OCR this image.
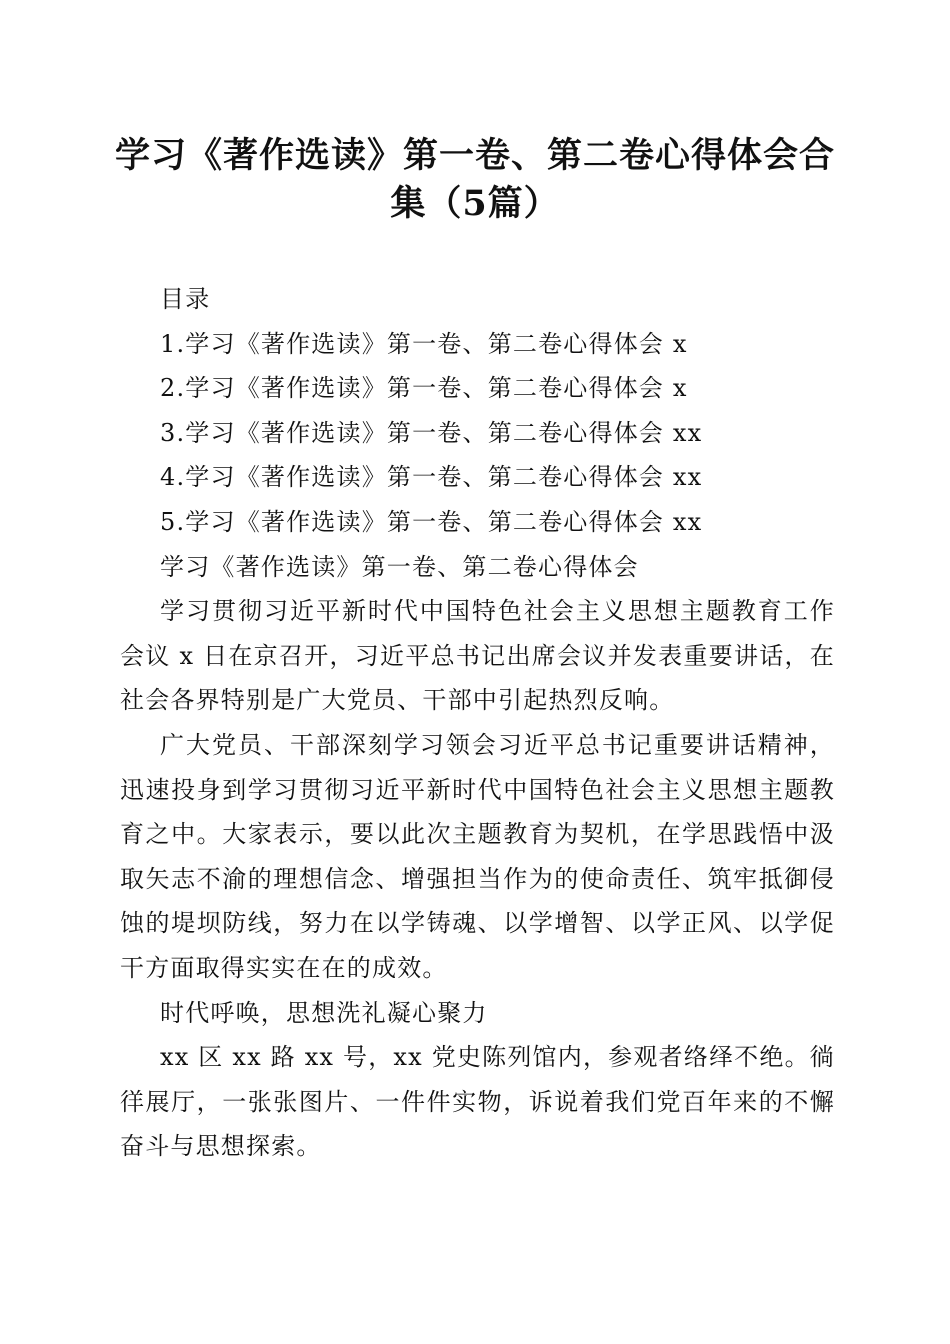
学习《著作选读》第一卷、第二卷心得体会合
集（5篇）

目录

1.学习《著作选读》第一卷、第二卷心得体会 x

2.学习《著作选读》第一卷、第二卷心得体会 x

3.学习《著作选读》第一卷、第二卷心得体会 xx

4.学习《著作选读》第一卷、第二卷心得体会 xx

5.学习《著作选读》第一卷、第二卷心得体会 xx

学习《著作选读》第一卷、第二卷心得体会

学习贯彻习近平新时代中国特色社会主义思想主题教育工作会议 x 日在京召开，习近平总书记出席会议并发表重要讲话，在社会各界特别是广大党员、干部中引起热烈反响。

广大党员、干部深刻学习领会习近平总书记重要讲话精神，迅速投身到学习贯彻习近平新时代中国特色社会主义思想主题教育之中。大家表示，要以此次主题教育为契机，在学思践悟中汲取矢志不渝的理想信念、增强担当作为的使命责任、筑牢抵御侵蚀的堤坝防线，努力在以学铸魂、以学增智、以学正风、以学促干方面取得实实在在的成效。

时代呼唤，思想洗礼凝心聚力

xx 区 xx 路 xx 号，xx 党史陈列馆内，参观者络绎不绝。徜徉展厅，一张张图片、一件件实物，诉说着我们党百年来的不懈奋斗与思想探索。
